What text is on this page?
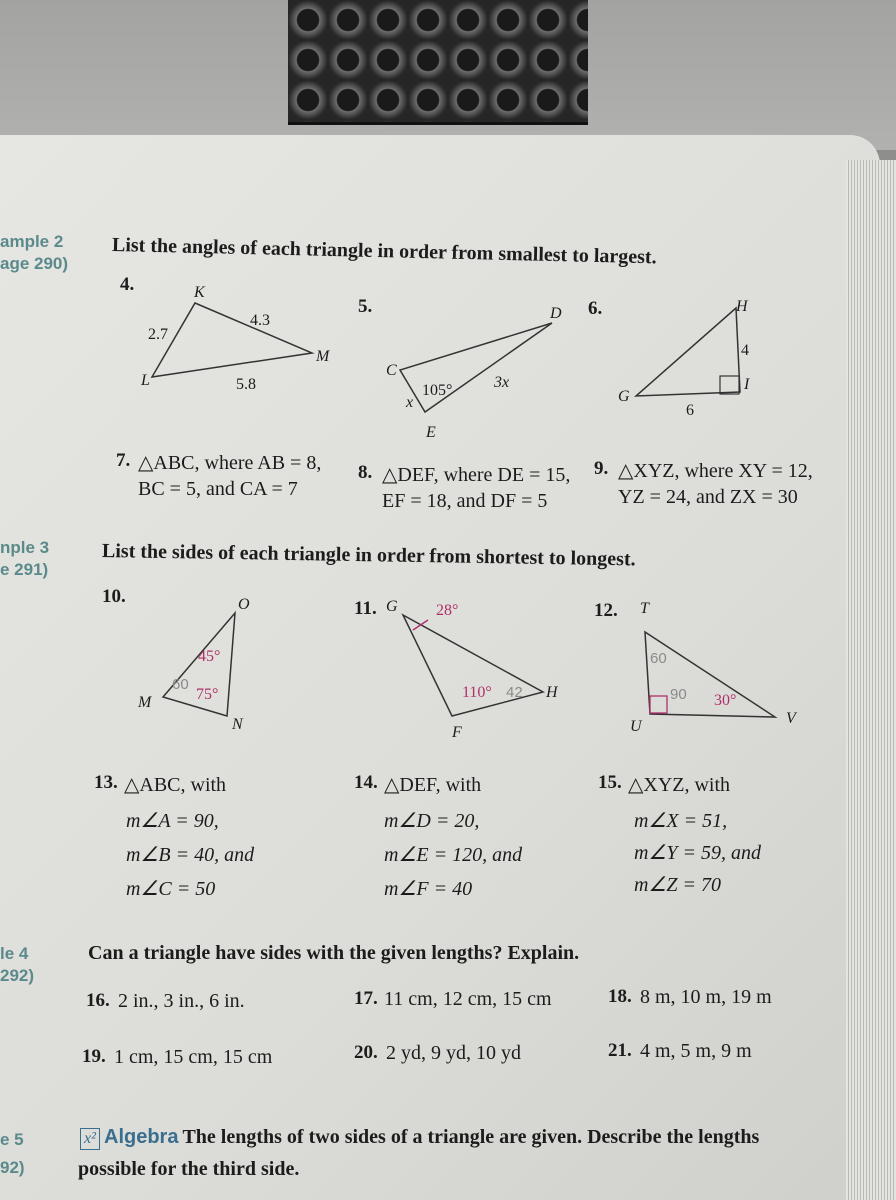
ample 2
age 290)
nple 3
e 291)
le 4
292)
e 5
92)
List the angles of each triangle in order from smallest to largest.
4.	K
M
L
4.3
2.7
5.8
5.	D
C
E
x
105°	3x
6.	H
G
I
4
6
7. △ABC, where AB = 8,
BC = 5, and CA = 7
8. △DEF, where DE = 15,
EF = 18, and DF = 5
9. △XYZ, where XY = 12,
YZ = 24, and ZX = 30
List the sides of each triangle in order from shortest to longest.
10.	O
M
N
45°
75°
60
11. G
H
F
28°
110° 42
12. T
U	V
30°
60
90
13. △ABC, with
m∠A = 90,
m∠B = 40, and
m∠C = 50
14. △DEF, with
m∠D = 20,
m∠E = 120, and
m∠F = 40
15. △XYZ, with
m∠X = 51,
m∠Y = 59, and
m∠Z = 70
Can a triangle have sides with the given lengths? Explain.
16. 2 in., 3 in., 6 in.	17. 11 cm, 12 cm, 15 cm	18. 8 m, 10 m, 19 m
19. 1 cm, 15 cm, 15 cm	20. 2 yd, 9 yd, 10 yd	21. 4 m, 5 m, 9 m
x² Algebra The lengths of two sides of a triangle are given. Describe the lengths
possible for the third side.
